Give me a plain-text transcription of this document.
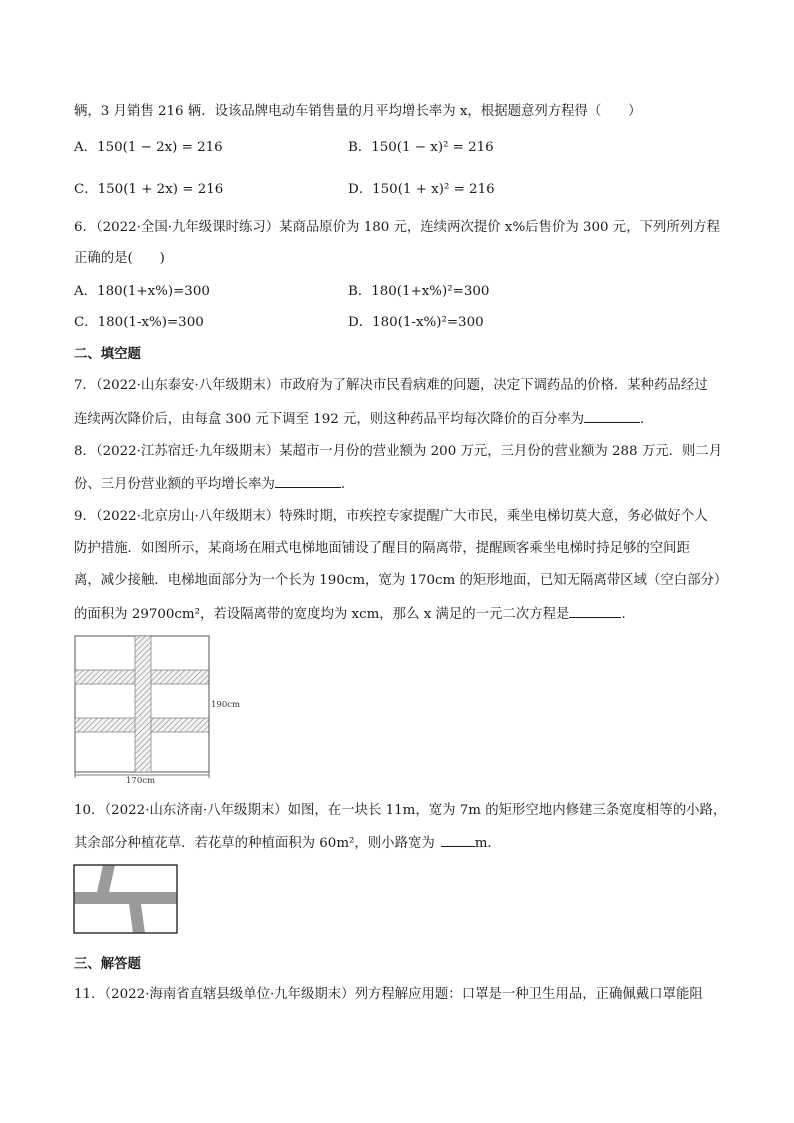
辆，3 月销售 216 辆．设该品牌电动车销售量的月平均增长率为 x，根据题意列方程得（　　）
A．150(1 − 2x) = 216	B．150(1 − x)² = 216
C．150(1 + 2x) = 216	D．150(1 + x)² = 216
6．（2022·全国·九年级课时练习）某商品原价为 180 元，连续两次提价 x%后售价为 300 元，下列所列方程
正确的是(　　)
A．180(1+x%)=300	B．180(1+x%)²=300
C．180(1-x%)=300	D．180(1-x%)²=300
二、填空题
7．（2022·山东泰安·八年级期末）市政府为了解决市民看病难的问题，决定下调药品的价格．某种药品经过
连续两次降价后，由每盒 300 元下调至 192 元，则这种药品平均每次降价的百分率为	．
8．（2022·江苏宿迁·九年级期末）某超市一月份的营业额为 200 万元，三月份的营业额为 288 万元．则二月
份、三月份营业额的平均增长率为	．
9．（2022·北京房山·八年级期末）特殊时期，市疾控专家提醒广大市民，乘坐电梯切莫大意，务必做好个人
防护措施．如图所示，某商场在厢式电梯地面铺设了醒目的隔离带，提醒顾客乘坐电梯时持足够的空间距
离，减少接触．电梯地面部分为一个长为 190cm，宽为 170cm 的矩形地面，已知无隔离带区域（空白部分）
的面积为 29700cm²，若设隔离带的宽度均为 xcm，那么 x 满足的一元二次方程是	．
190cm
170cm
10．（2022·山东济南·八年级期末）如图，在一块长 11m，宽为 7m 的矩形空地内修建三条宽度相等的小路，
其余部分种植花草．若花草的种植面积为 60m²，则小路宽为	m．
三、解答题
11．（2022·海南省直辖县级单位·九年级期末）列方程解应用题：口罩是一种卫生用品，正确佩戴口罩能阻
